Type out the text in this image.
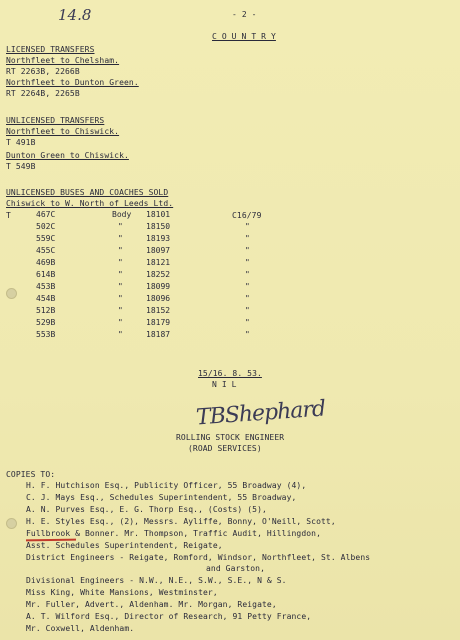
14.8	- 2 -
C O U N T R Y
LICENSED TRANSFERS
Northfleet to Chelsham.
RT 2263B, 2266B
Northfleet to Dunton Green.
RT 2264B, 2265B
UNLICENSED TRANSFERS
Northfleet to Chiswick.
T 491B
Dunton Green to Chiswick.
T 549B
UNLICENSED BUSES AND COACHES SOLD
Chiswick to W. North of Leeds Ltd.
T	C16/79
467C
502C
559C
455C
469B
614B
453B
454B
512B
529B
553B
Body
"
"
"
"
"
"
"
"
"
"
18101
18150
18193
18097
18121
18252
18099
18096
18152
18179
18187
"
"
"
"
"
"
"
"
"
"
15/16. 8. 53.
N I L
TBShephard
ROLLING STOCK ENGINEER
(ROAD SERVICES)
COPIES TO:
H. F. Hutchison Esq., Publicity Officer, 55 Broadway (4),
C. J. Mays Esq., Schedules Superintendent, 55 Broadway,
A. N. Purves Esq., E. G. Thorp Esq., (Costs) (5),
H. E. Styles Esq., (2), Messrs. Ayliffe, Bonny, O'Neill, Scott,
Fullbrook & Bonner. Mr. Thompson, Traffic Audit, Hillingdon,
Asst. Schedules Superintendent, Reigate,
District Engineers - Reigate, Romford, Windsor, Northfleet, St. Albens
and Garston,
Divisional Engineers - N.W., N.E., S.W., S.E., N & S.
Miss King, White Mansions, Westminster,
Mr. Fuller, Advert., Aldenham. Mr. Morgan, Reigate,
A. T. Wilford Esq., Director of Research, 91 Petty France,
Mr. Coxwell, Aldenham.
